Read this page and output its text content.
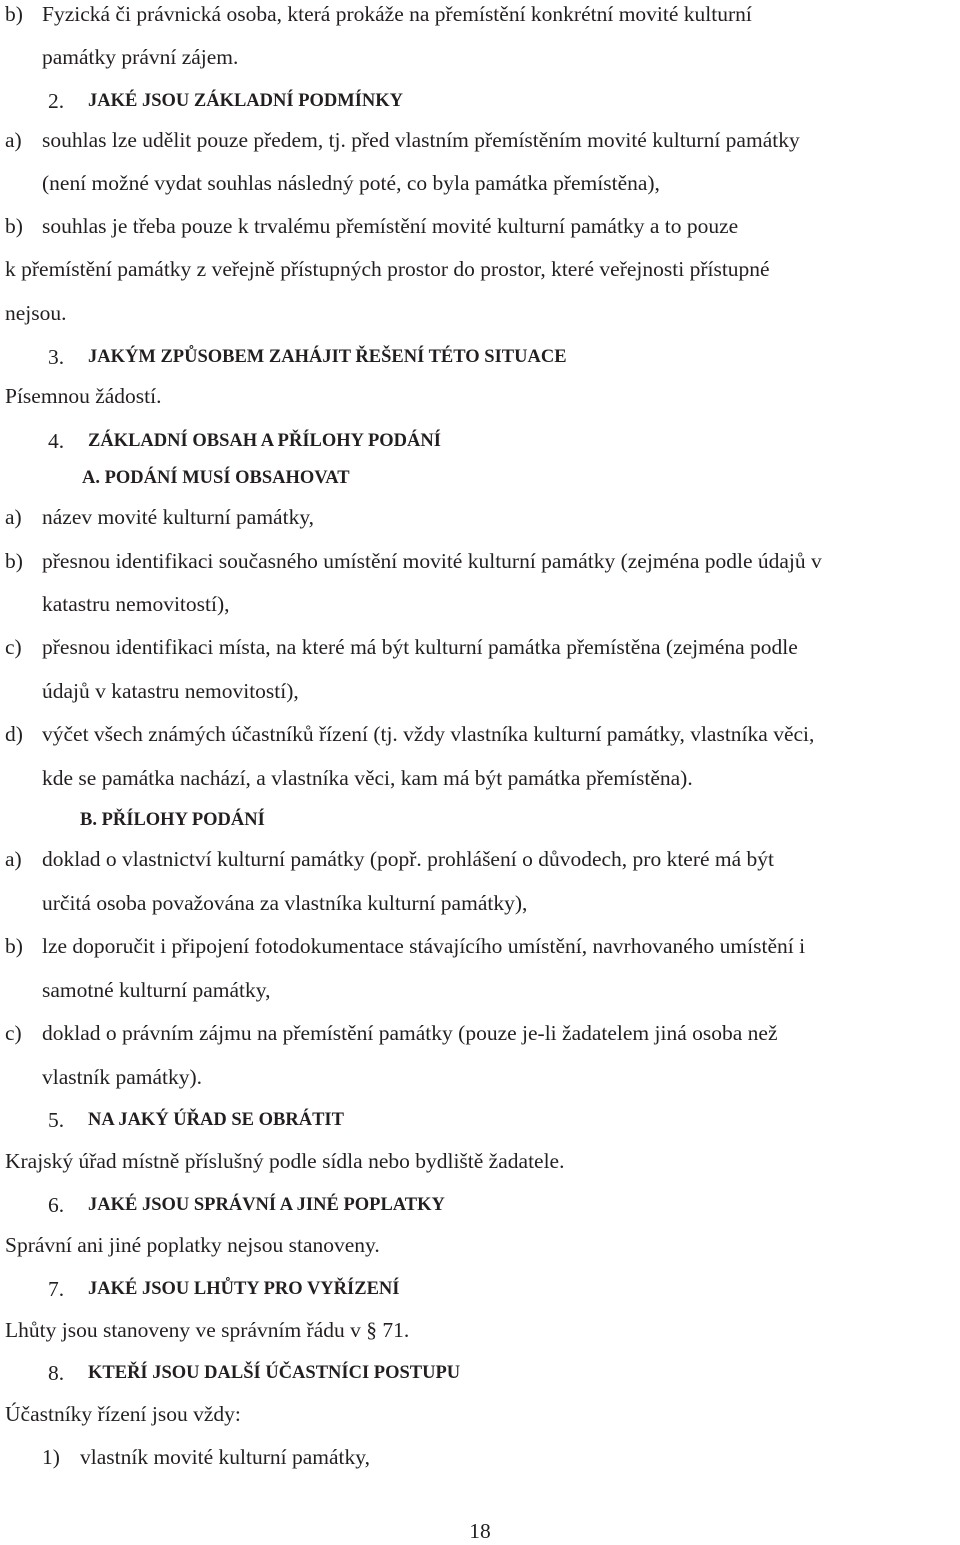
b) Fyzická či právnická osoba, která prokáže na přemístění konkrétní movité kulturní
památky právní zájem.
2. JAKÉ JSOU ZÁKLADNÍ PODMÍNKY
a) souhlas lze udělit pouze předem, tj. před vlastním přemístěním movité kulturní památky
(není možné vydat souhlas následný poté, co byla památka přemístěna),
b) souhlas je třeba pouze k trvalému přemístění movité kulturní památky a to pouze
k přemístění památky z veřejně přístupných prostor do prostor, které veřejnosti přístupné
nejsou.
3. JAKÝM ZPŮSOBEM ZAHÁJIT ŘEŠENÍ TÉTO SITUACE
Písemnou žádostí.
4. ZÁKLADNÍ OBSAH A PŘÍLOHY PODÁNÍ
A. PODÁNÍ MUSÍ OBSAHOVAT
a) název movité kulturní památky,
b) přesnou identifikaci současného umístění movité kulturní památky (zejména podle údajů v
katastru nemovitostí),
c) přesnou identifikaci místa, na které má být kulturní památka přemístěna (zejména podle
údajů v katastru nemovitostí),
d) výčet všech známých účastníků řízení (tj. vždy vlastníka kulturní památky, vlastníka věci,
kde se památka nachází, a vlastníka věci, kam má být památka přemístěna).
B. PŘÍLOHY PODÁNÍ
a) doklad o vlastnictví kulturní památky (popř. prohlášení o důvodech, pro které má být
určitá osoba považována za vlastníka kulturní památky),
b) lze doporučit i připojení fotodokumentace stávajícího umístění, navrhovaného umístění i
samotné kulturní památky,
c) doklad o právním zájmu na přemístění památky (pouze je-li žadatelem jiná osoba než
vlastník památky).
5. NA JAKÝ ÚŘAD SE OBRÁTIT
Krajský úřad místně příslušný podle sídla nebo bydliště žadatele.
6. JAKÉ JSOU SPRÁVNÍ A JINÉ POPLATKY
Správní ani jiné poplatky nejsou stanoveny.
7. JAKÉ JSOU LHŮTY PRO VYŘÍZENÍ
Lhůty jsou stanoveny ve správním řádu v § 71.
8. KTEŘÍ JSOU DALŠÍ ÚČASTNÍCI POSTUPU
Účastníky řízení jsou vždy:
1) vlastník movité kulturní památky,
18
